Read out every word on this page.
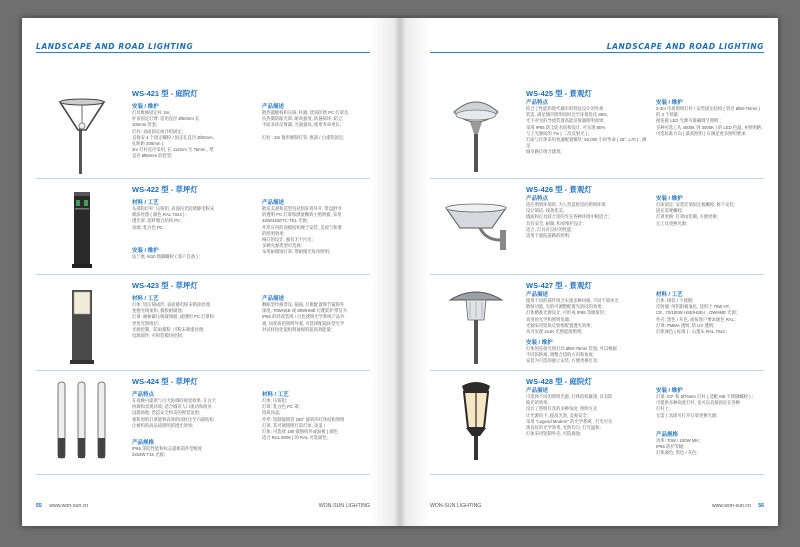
LANDSCAPE AND ROAD LIGHTING
WS-421 型 - 庭院灯
安装 / 维护
灯具维修固定杆 3m;
杆顶固定灯臂: 适用直径 Ø60mm 长
100mm 管套;
灯杆: 表面固定或介绍固定;
直接安 4 个固定螺栓 / 固定孔直径 Ø20mm ,
孔距距 200mm );
3m 灯杆直径采用, 长 114mm 至 76mm , 带
直径 Ø60mm 的套管;
产品描述
散热器催构和压铸, 杆器, 优质防锈 PC 灯罩及
抗热微防眩光罩, 耐高强度, 防悬保坏, 防尘;
平面多环反射器, 光通量高, 使用寿命更长;

灯柱 : 3m 锥形磨制灯管, 底部 / 白漆铝固定;
WS-422 型 - 草坪灯
材料 / 工艺
头部和灯杆: 压铸铝, 表面闪光防锈静电粉末
喷涂处理 ( 颜色 RAL 7024 ) ;
透光罩: 超纤聚合结构 PC ;
顶端: 乳白色 PC ;
产品描述
散发美观和造型包括创驻将环开, 带盘舒爷
的透明 PC 灯罩和漂流颗效小照明板, 采用
32W/42W/TC-TEL 光源;
外形应用的顶模结构便于安装, 美观与和谐
的照明效果;
格灯的设计, 独有无不污光;
多种光源类型可选择;
采用耐腐蚀灯罩, 带耐微光每块照明;
安装 / 维护
法兰底, M10 地脚螺栓 ( 客户自备 ) ;
WS-423 型 - 草坪灯
材料 / 工艺
灯体: 铝压铸成形, 表面静电粉末喷涂处理,
卷抱光线柔和, 极胶耐腐蚀;
灯罩: 耐候碳压铸玻璃板, 或透明 PC 灯罩和
更优光照组层;
光源控制、防雨模粉, 可粉末喷漆处理;
电源部件: 可拆装模块控制;
产品描述
舞蹈型作修剪设, 镜面, 灯框配置细节镜筒外
深度, 70WHSE 或 80WHME 灯配防护带信为
IP65 的经改装组 / 白色透明光学系统产品外
观, 同优质的照明外观, 可选择配镜环型光学
对试样进化提组明通视的超高效能量;
WS-424 型 - 草坪灯
产品特点
在夜晚可提供与白天协调的视觉效果, 在白天
协调和景观环境; 适合城市人口流动和商业
设施场地, 营造安全和美的视觉氛围;
柔和型的灯罩能够高效的同时达至内部结构
让被约的高品质照明的透光效果;
材料 / 工艺
灯体: 压铸铝;
灯罩: 乳白色 PC 罩;
铝质顶盖;
外形: 铝制镜筒管 180° 旋转的灯体结构照明
灯罩, 其可调照明灯前灯体, 顶盖 /
灯体: 可选择 190 锻钢构件或面板 ( 颜色
适合 RAL 9006 ) 的 RAL 可选颜色;
产品规格
IP65 等防性能和标志提框前件型框度
2x54W T16 光源;
55 www.won-sun.cn	WON-SUN LIGHTING
LANDSCAPE AND ROAD LIGHTING
WS-425 型 - 景观灯
产品特点
结合了性能和现代城市的特征设计的外观
装造, 满足城市照明同时达至环境优化 88%,
光不对光的导流装置高能反射器照明效果;
采用 IP65 防尘防水结构设计, 可实现 80%
与上光源间的 7% ( 二次反射光 ) ;
灯座与灯体采用快速配置模块: 50,000 小时寿命 ( 25°, L70 ) , 满足
城市路灯组合建筑;
安装 / 维护
3-4m 市场照明灯杆 / 安装固定结构 ( 管径 Ø60-76mm ) 的 3 个锁紧
接连接 LED 光源可准确调节照明 ;
多种可选 ( 从 4000K 到 3000K ) 的 LED 色温, 并照明路 ;
可选标准方向 ( 最高照明 ) 应满足更多照明要求:
WS-426 型 - 景观灯
产品特点
适应照明环境的, 为人营造舒适的照明环境
设计简洁, 线条优美;
墙面和灯具较合适的光在各种环境中相适合;
具有安全, 耐腐, 和易维护设计;
适合, 灯具有良好的性能;
适用于庭院道路的照明;
安装 / 维护
灯座固定: 安装挂墙固定板螺栓, 拆下安装;
固定需要螺栓;
灯罩更换: 灯罩由铝制, 方便更换;
无工具更换光源;
WS-427 型 - 景观灯
产品描述
使用不同的部件组合实现多种风格, 不同于简单光
散射功能, 光的可调整配置光的同的效果;
灯体精准光源设计, 可形成 IP65 等级密封 ;
高度的光学和照明电器;
光轴采用铝质反射框配置透光效果;
从可实现 2x1K 光照能源照明;
安装 / 维护
灯体的连接光照灯具 Ø60-76mm 装置, 可以根据
不同的距离, 调整合适的方向和角度;
安装为可选的独立安装, 方便更换灯具;
材料 / 工艺
灯体: 铸铝 / 不锈钢;
反射器: 纯铝阳极氧化, 适用于 70W HT,
CE , 70/100W HSE/HSE-I , OWHME 光源;
外壳: 黑色 / 灰色, 或按客户要求颜色 RAL ;
灯罩: PMMA 透明, 防 UV 透明;
灯体颜色 ( 标准 ) : 石墨灰 RAL 7042 ;
WS-428 型 - 庭院灯
产品描述
可选择不同的照明光源, 灯体结构紧凑, 具有防
眩光的效果;
设计了照明灯具的多种角度, 照明方式
让光源向下, 提高光效, 美观安全;
采用 "Legend Modern" 的光学系统 , 灯光可实
现良好的光学效果, 光照均匀, 灯光温和;
灯体采用铝制外壳, 可防腐蚀;
安装 / 维护
灯罩: ICF 和 Ø76mm 灯杆 ( 适配 M8 不锈钢螺栓 ) ;
可提供多种高度灯杆, 也可以直接固定在各种
灯杆上;
无需工具即可打开灯罩更换光源;
产品规格
功率: 70W / 100W MH;
IP65 防护等级;
灯体颜色: 黑色 / 灰色;
WON-SUN LIGHTING	www.won-sun.cn 56
